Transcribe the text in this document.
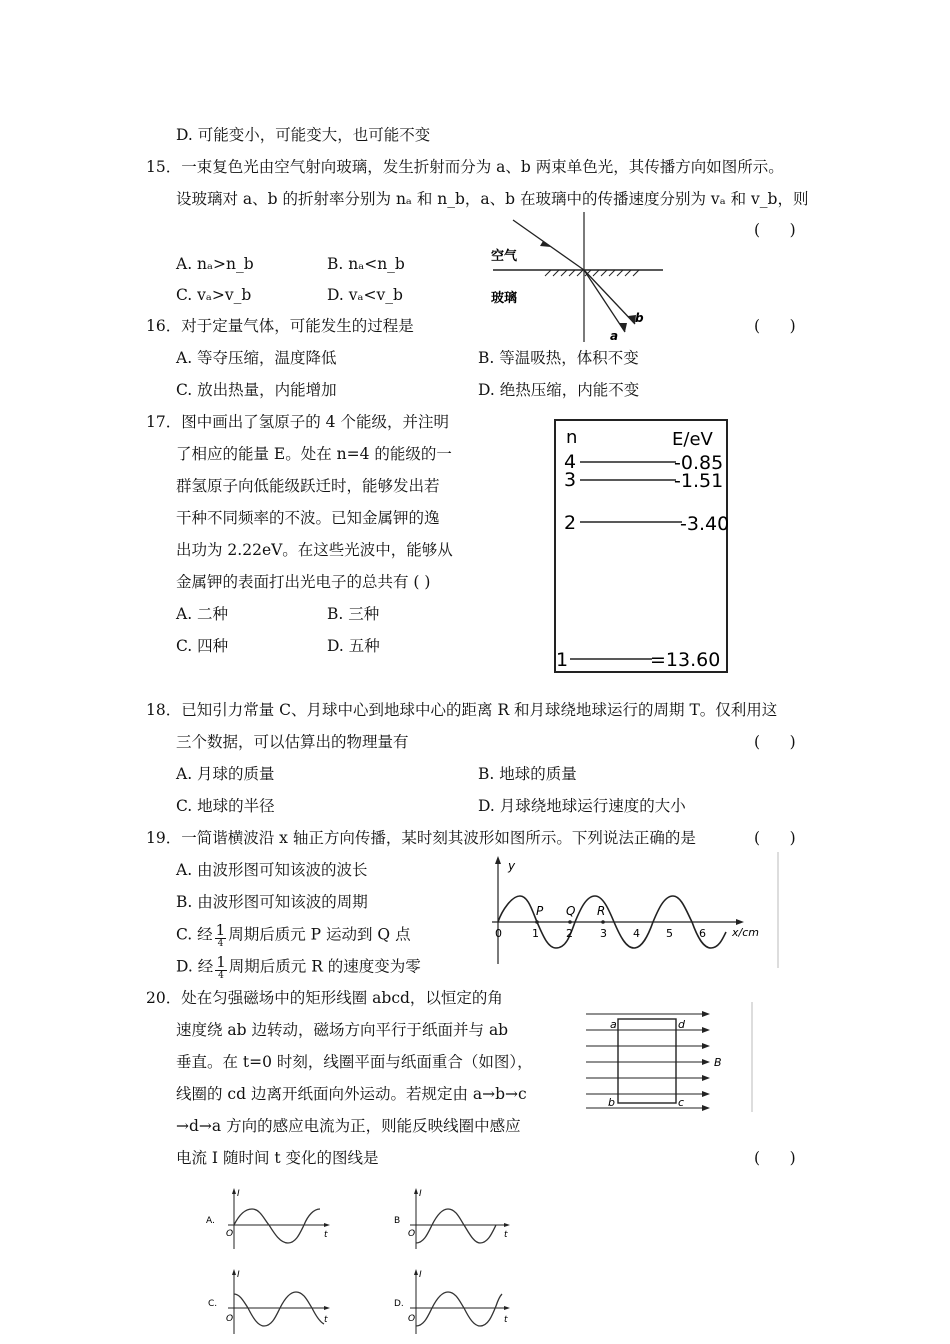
D. 可能变小，可能变大，也可能不变
15．一束复色光由空气射向玻璃，发生折射而分为 a、b 两束单色光，其传播方向如图所示。
设玻璃对 a、b 的折射率分别为 nₐ 和 n_b，a、b 在玻璃中的传播速度分别为 vₐ 和 v_b，则
(      )
A. nₐ>n_b	B. nₐ<n_b
C. vₐ>v_b	D. vₐ<v_b
空气
玻璃
a
b
16．对于定量气体，可能发生的过程是	(      )
A. 等夺压缩，温度降低	B. 等温吸热，体积不变
C. 放出热量，内能增加	D. 绝热压缩，内能不变
17．图中画出了氢原子的 4 个能级，并注明
了相应的能量 E。处在 n=4 的能级的一
群氢原子向低能级跃迁时，能够发出若
干种不同频率的不波。已知金属钾的逸
出功为 2.22eV。在这些光波中，能够从
金属钾的表面打出光电子的总共有 ( )
A. 二种	B. 三种
C. 四种	D. 五种
n	E/eV
4	-0.85
3	-1.51
2	-3.40
1	=13.60
18．已知引力常量 C、月球中心到地球中心的距离 R 和月球绕地球运行的周期 T。仅利用这
三个数据，可以估算出的物理量有	(      )
A. 月球的质量	B. 地球的质量
C. 地球的半径	D. 月球绕地球运行速度的大小
19．一简谐横波沿 x 轴正方向传播，某时刻其波形如图所示。下列说法正确的是	(      )
A. 由波形图可知该波的波长
B. 由波形图可知该波的周期
C. 经 $\frac{1}{4}$ 周期后质元 P 运动到 Q 点
D. 经 $\frac{1}{4}$ 周期后质元 R 的速度变为零
y
x/cm
0	1 2 3 4 5 6
P Q R
20．处在匀强磁场中的矩形线圈 abcd，以恒定的角
速度绕 ab 边转动，磁场方向平行于纸面并与 ab
垂直。在 t=0 时刻，线圈平面与纸面重合（如图），
线圈的 cd 边离开纸面向外运动。若规定由 a→b→c
→d→a 方向的感应电流为正，则能反映线圈中感应
电流 I 随时间 t 变化的图线是	(      )
a	d
b	c
B
A.
I
t
O
B
I
t
O
C.
I
t
O
D.
I
t
O
